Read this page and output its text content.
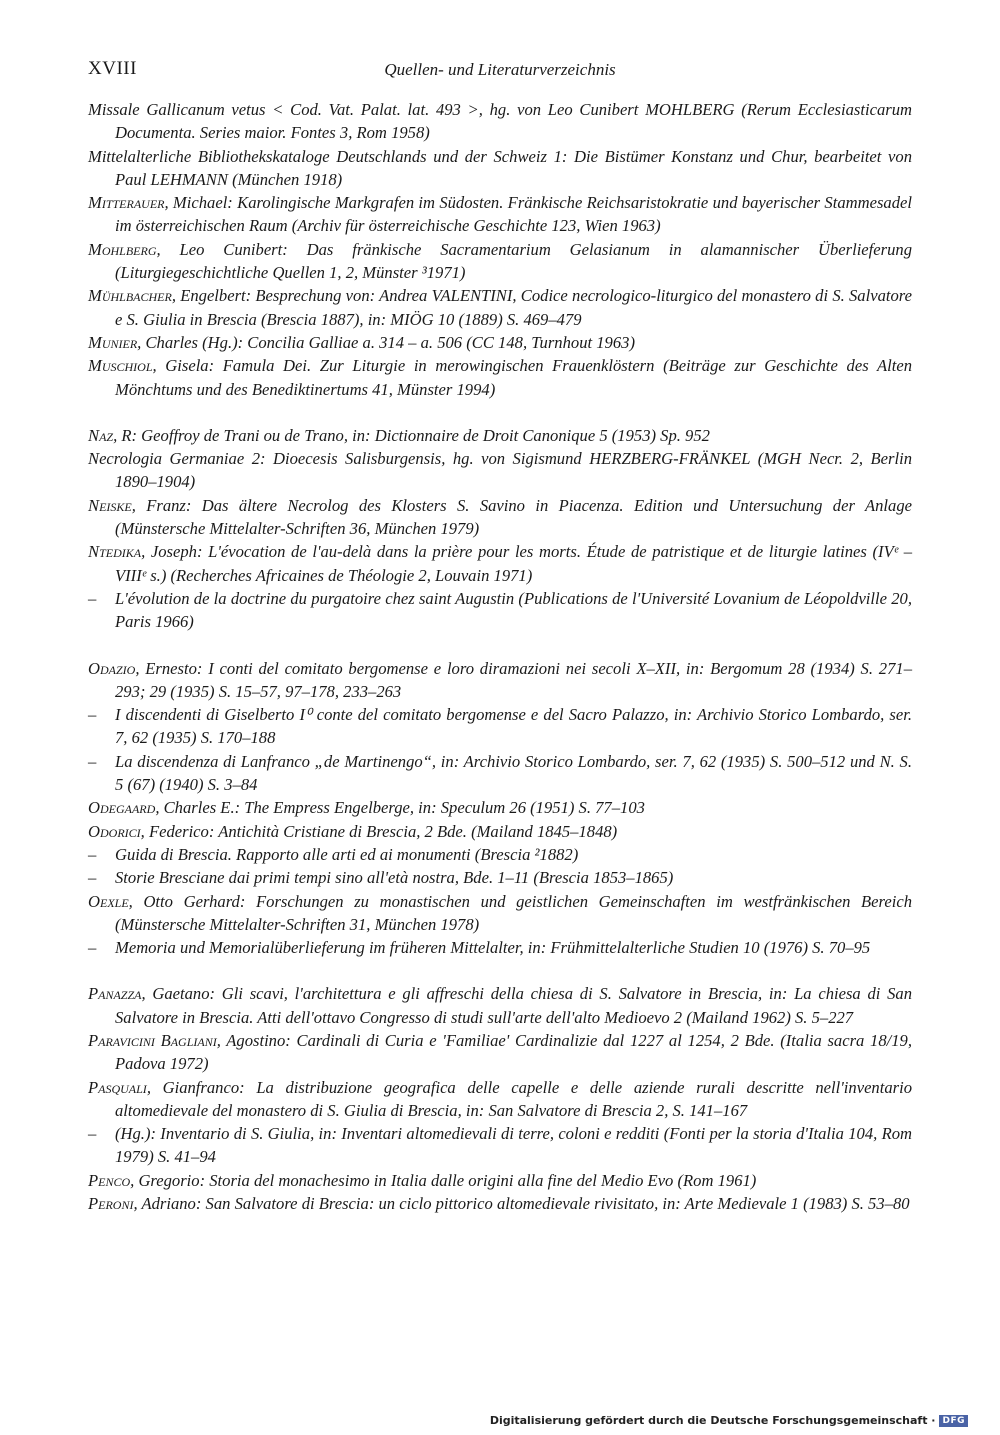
XVIII	Quellen- und Literaturverzeichnis

Missale Gallicanum vetus < Cod. Vat. Palat. lat. 493 >, hg. von Leo Cunibert MOHLBERG (Rerum Ecclesiasticarum Documenta. Series maior. Fontes 3, Rom 1958)

Mittelalterliche Bibliothekskataloge Deutschlands und der Schweiz 1: Die Bistümer Konstanz und Chur, bearbeitet von Paul LEHMANN (München 1918)

Mitterauer, Michael: Karolingische Markgrafen im Südosten. Fränkische Reichsaristokratie und bayerischer Stammesadel im österreichischen Raum (Archiv für österreichische Geschichte 123, Wien 1963)

Mohlberg, Leo Cunibert: Das fränkische Sacramentarium Gelasianum in alamannischer Überlieferung (Liturgiegeschichtliche Quellen 1, 2, Münster ³1971)

Mühlbacher, Engelbert: Besprechung von: Andrea VALENTINI, Codice necrologico-liturgico del monastero di S. Salvatore e S. Giulia in Brescia (Brescia 1887), in: MIÖG 10 (1889) S. 469–479

Munier, Charles (Hg.): Concilia Galliae a. 314 – a. 506 (CC 148, Turnhout 1963)

Muschiol, Gisela: Famula Dei. Zur Liturgie in merowingischen Frauenklöstern (Beiträge zur Geschichte des Alten Mönchtums und des Benediktinertums 41, Münster 1994)

Naz, R: Geoffroy de Trani ou de Trano, in: Dictionnaire de Droit Canonique 5 (1953) Sp. 952

Necrologia Germaniae 2: Dioecesis Salisburgensis, hg. von Sigismund HERZBERG-FRÄNKEL (MGH Necr. 2, Berlin 1890–1904)

Neiske, Franz: Das ältere Necrolog des Klosters S. Savino in Piacenza. Edition und Untersuchung der Anlage (Münstersche Mittelalter-Schriften 36, München 1979)

Ntedika, Joseph: L'évocation de l'au-delà dans la prière pour les morts. Étude de patristique et de liturgie latines (IVᵉ – VIIIᵉ s.) (Recherches Africaines de Théologie 2, Louvain 1971)

– L'évolution de la doctrine du purgatoire chez saint Augustin (Publications de l'Université Lovanium de Léopoldville 20, Paris 1966)

Odazio, Ernesto: I conti del comitato bergomense e loro diramazioni nei secoli X–XII, in: Bergomum 28 (1934) S. 271–293; 29 (1935) S. 15–57, 97–178, 233–263

– I discendenti di Giselberto I⁰ conte del comitato bergomense e del Sacro Palazzo, in: Archivio Storico Lombardo, ser. 7, 62 (1935) S. 170–188

– La discendenza di Lanfranco „de Martinengo“, in: Archivio Storico Lombardo, ser. 7, 62 (1935) S. 500–512 und N. S. 5 (67) (1940) S. 3–84

Odegaard, Charles E.: The Empress Engelberge, in: Speculum 26 (1951) S. 77–103

Odorici, Federico: Antichità Cristiane di Brescia, 2 Bde. (Mailand 1845–1848)

– Guida di Brescia. Rapporto alle arti ed ai monumenti (Brescia ²1882)

– Storie Bresciane dai primi tempi sino all'età nostra, Bde. 1–11 (Brescia 1853–1865)

Oexle, Otto Gerhard: Forschungen zu monastischen und geistlichen Gemeinschaften im westfränkischen Bereich (Münstersche Mittelalter-Schriften 31, München 1978)

– Memoria und Memorialüberlieferung im früheren Mittelalter, in: Frühmittelalterliche Studien 10 (1976) S. 70–95

Panazza, Gaetano: Gli scavi, l'architettura e gli affreschi della chiesa di S. Salvatore in Brescia, in: La chiesa di San Salvatore in Brescia. Atti dell'ottavo Congresso di studi sull'arte dell'alto Medioevo 2 (Mailand 1962) S. 5–227

Paravicini Bagliani, Agostino: Cardinali di Curia e 'Familiae' Cardinalizie dal 1227 al 1254, 2 Bde. (Italia sacra 18/19, Padova 1972)

Pasquali, Gianfranco: La distribuzione geografica delle capelle e delle aziende rurali descritte nell'inventario altomedievale del monastero di S. Giulia di Brescia, in: San Salvatore di Brescia 2, S. 141–167

– (Hg.): Inventario di S. Giulia, in: Inventari altomedievali di terre, coloni e redditi (Fonti per la storia d'Italia 104, Rom 1979) S. 41–94

Penco, Gregorio: Storia del monachesimo in Italia dalle origini alla fine del Medio Evo (Rom 1961)

Peroni, Adriano: San Salvatore di Brescia: un ciclo pittorico altomedievale rivisitato, in: Arte Medievale 1 (1983) S. 53–80

Digitalisierung gefördert durch die Deutsche Forschungsgemeinschaft · DFG
